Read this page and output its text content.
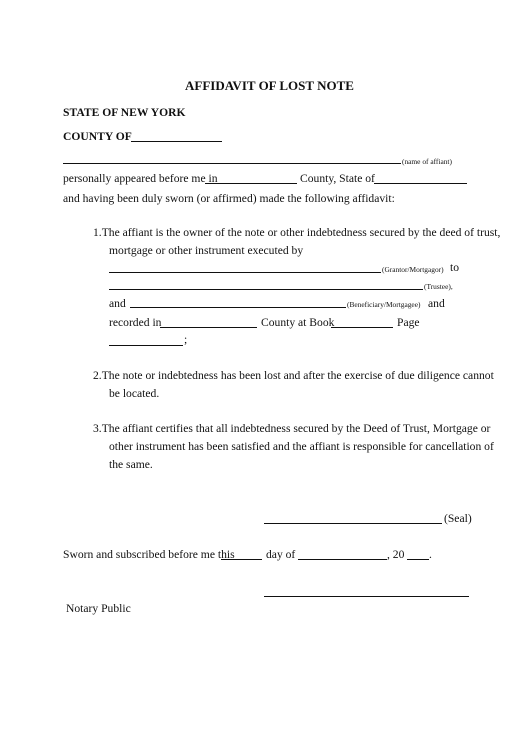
AFFIDAVIT OF LOST NOTE
STATE OF NEW YORK
COUNTY OF
(name of affiant)
personally appeared before me in	County, State of
and having been duly sworn (or affirmed) made the following affidavit:
1.The affiant is the owner of the note or other indebtedness secured by the deed of trust,
mortgage or other instrument executed by
(Grantor/Mortgagor) to
(Trustee),
and	(Beneficiary/Mortgagee) and
recorded in	County at Book	Page
;
2.The note or indebtedness has been lost and after the exercise of due diligence cannot
be located.
3.The affiant certifies that all indebtedness secured by the Deed of Trust, Mortgage or
other instrument has been satisfied and the affiant is responsible for cancellation of
the same.
(Seal)
Sworn and subscribed before me this	day of	, 20 .
Notary Public
